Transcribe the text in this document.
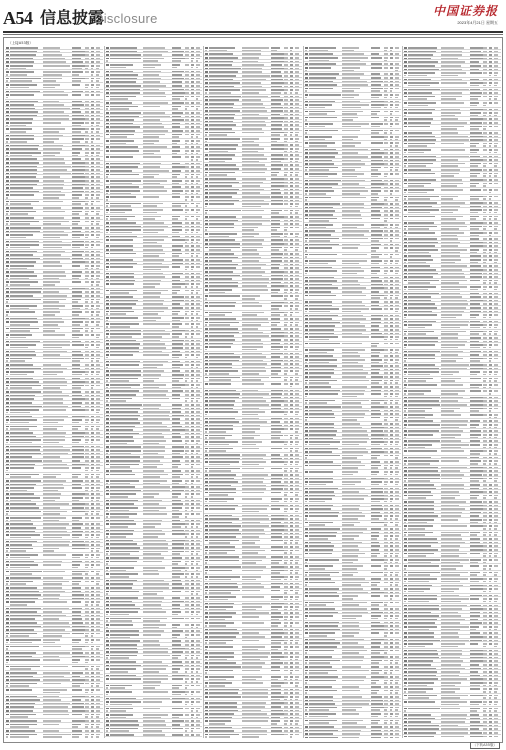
A54 信息披露
Disclosure	中国证券报
2023年4月21日 星期五
（上接A53版）
（下转A55版）
